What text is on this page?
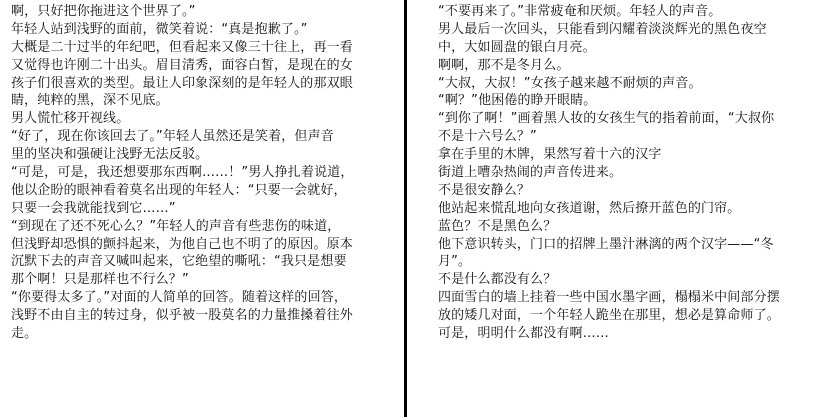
啊，只好把你拖进这个世界了。”
年轻人站到浅野的面前，微笑着说：“真是抱歉了。”
大概是二十过半的年纪吧，但看起来又像三十往上，再一看
又觉得也许刚二十出头。眉目清秀，面容白皙，是现在的女
孩子们很喜欢的类型。最让人印象深刻的是年轻人的那双眼
睛，纯粹的黑，深不见底。
男人慌忙移开视线。
“好了，现在你该回去了。”年轻人虽然还是笑着，但声音
里的坚决和强硬让浅野无法反驳。
“可是，可是，我还想要那东西啊……！”男人挣扎着说道，
他以企盼的眼神看着莫名出现的年轻人：“只要一会就好，
只要一会我就能找到它……”
“到现在了还不死心么？”年轻人的声音有些悲伤的味道，
但浅野却恐惧的颤抖起来，为他自己也不明了的原因。原本
沉默下去的声音又喊叫起来，它绝望的嘶吼：“我只是想要
那个啊！只是那样也不行么？”
“你要得太多了。”对面的人简单的回答。随着这样的回答，
浅野不由自主的转过身，似乎被一股莫名的力量推搡着往外
走。
“不要再来了。”非常疲奄和厌烦。年轻人的声音。
男人最后一次回头，只能看到闪耀着淡淡辉光的黑色夜空
中，大如圆盘的银白月亮。
啊啊，那不是冬月么。
“大叔，大叔！”女孩子越来越不耐烦的声音。
“啊？”他困倦的睁开眼睛。
“到你了啊！”画着黑人妆的女孩生气的指着前面，“大叔你
不是十六号么？”
拿在手里的木牌，果然写着十六的汉字
街道上嘈杂热闹的声音传进来。
不是很安静么？
他站起来慌乱地向女孩道谢，然后撩开蓝色的门帘。
蓝色？不是黑色么？
他下意识转头，门口的招牌上墨汁淋漓的两个汉字——“冬
月”。
不是什么都没有么？
四面雪白的墙上挂着一些中国水墨字画，榻榻米中间部分摆
放的矮几对面，一个年轻人跪坐在那里，想必是算命师了。
可是，明明什么都没有啊……
